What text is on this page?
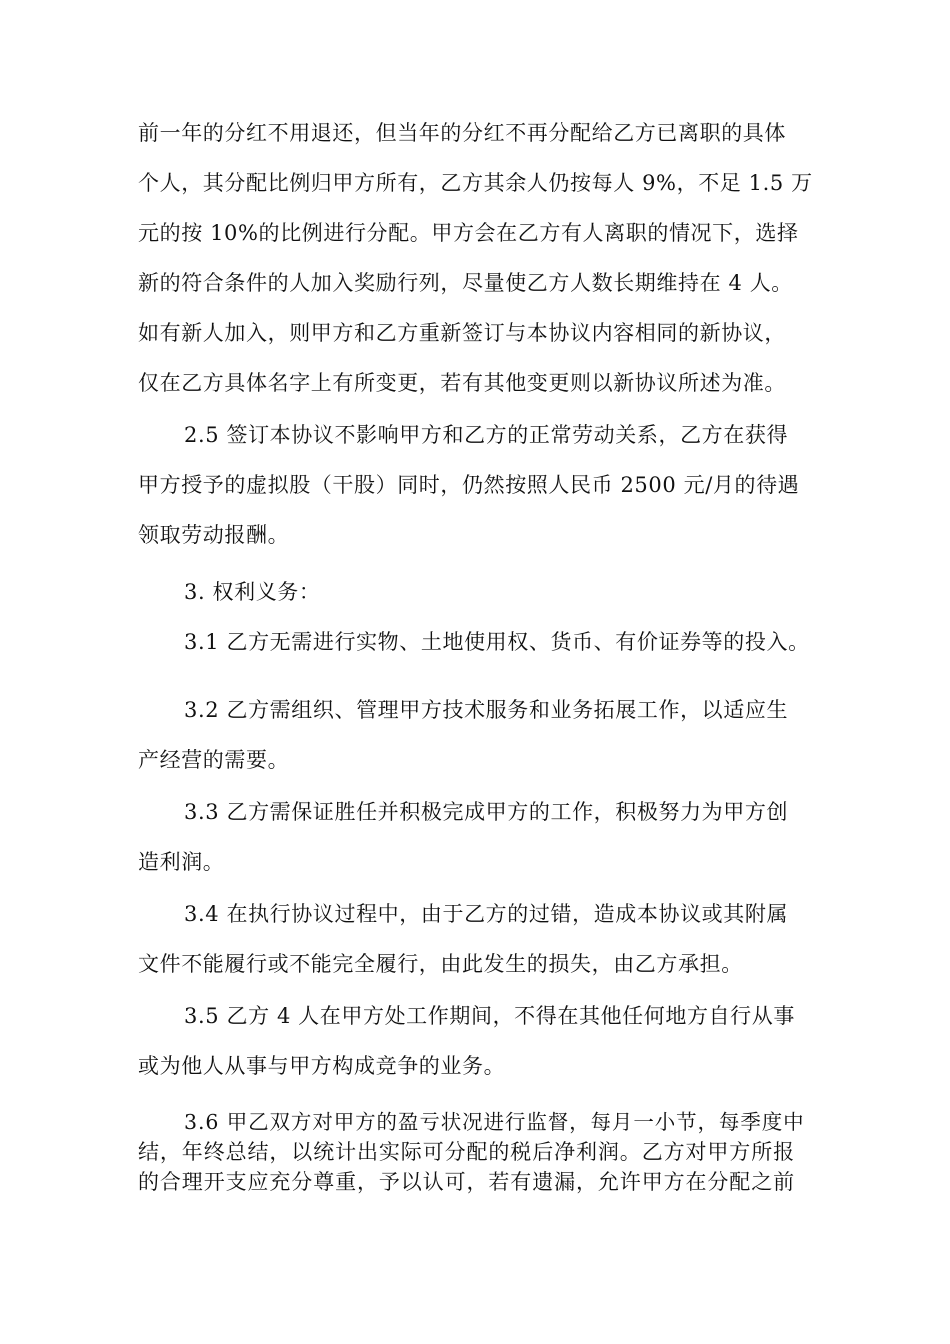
前一年的分红不用退还，但当年的分红不再分配给乙方已离职的具体
个人，其分配比例归甲方所有，乙方其余人仍按每人 9%，不足 1.5 万
元的按 10%的比例进行分配。甲方会在乙方有人离职的情况下，选择
新的符合条件的人加入奖励行列，尽量使乙方人数长期维持在 4 人。
如有新人加入，则甲方和乙方重新签订与本协议内容相同的新协议，
仅在乙方具体名字上有所变更，若有其他变更则以新协议所述为准。
2.5 签订本协议不影响甲方和乙方的正常劳动关系，乙方在获得
甲方授予的虚拟股（干股）同时，仍然按照人民币 2500 元/月的待遇
领取劳动报酬。
3. 权利义务：
3.1 乙方无需进行实物、土地使用权、货币、有价证券等的投入。
3.2 乙方需组织、管理甲方技术服务和业务拓展工作，以适应生
产经营的需要。
3.3 乙方需保证胜任并积极完成甲方的工作，积极努力为甲方创
造利润。
3.4 在执行协议过程中，由于乙方的过错，造成本协议或其附属
文件不能履行或不能完全履行，由此发生的损失，由乙方承担。
3.5 乙方 4 人在甲方处工作期间，不得在其他任何地方自行从事
或为他人从事与甲方构成竞争的业务。
3.6 甲乙双方对甲方的盈亏状况进行监督，每月一小节，每季度中
结，年终总结，以统计出实际可分配的税后净利润。乙方对甲方所报
的合理开支应充分尊重，予以认可，若有遗漏，允许甲方在分配之前
